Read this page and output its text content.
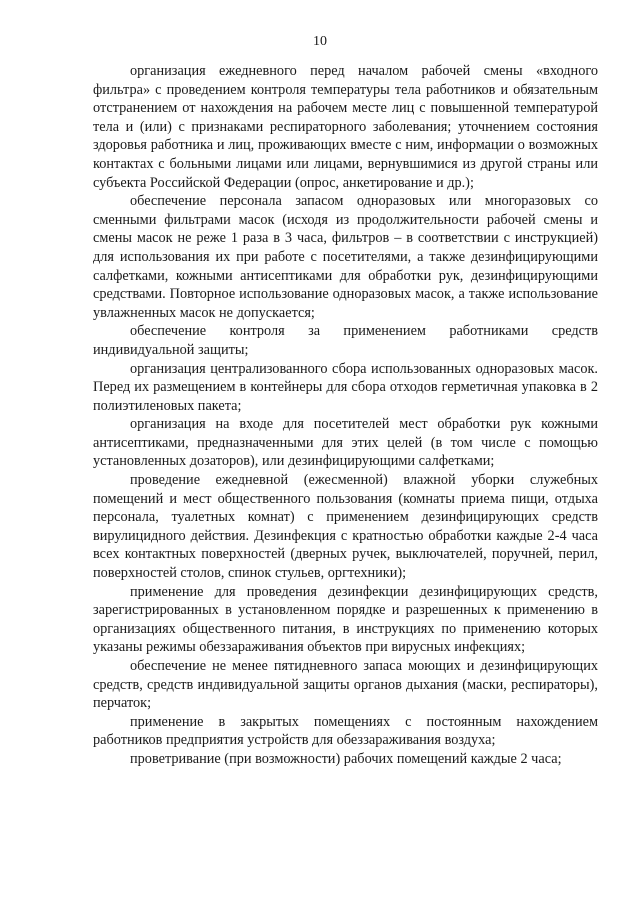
10

организация ежедневного перед началом рабочей смены «входного фильтра» с проведением контроля температуры тела работников и обязательным отстранением от нахождения на рабочем месте лиц с повышенной температурой тела и (или) с признаками респираторного заболевания; уточнением состояния здоровья работника и лиц, проживающих вместе с ним, информации о возможных контактах с больными лицами или лицами, вернувшимися из другой страны или субъекта Российской Федерации (опрос, анкетирование и др.);

обеспечение персонала запасом одноразовых или многоразовых со сменными фильтрами масок (исходя из продолжительности рабочей смены и смены масок не реже 1 раза в 3 часа, фильтров – в соответствии с инструкцией) для использования их при работе с посетителями, а также дезинфицирующими салфетками, кожными антисептиками для обработки рук, дезинфицирующими средствами. Повторное использование одноразовых масок, а также использование увлажненных масок не допускается;

обеспечение контроля за применением работниками средств индивидуальной защиты;

организация централизованного сбора использованных одноразовых масок. Перед их размещением в контейнеры для сбора отходов герметичная упаковка в 2 полиэтиленовых пакета;

организация на входе для посетителей мест обработки рук кожными антисептиками, предназначенными для этих целей (в том числе с помощью установленных дозаторов), или дезинфицирующими салфетками;

проведение ежедневной (ежесменной) влажной уборки служебных помещений и мест общественного пользования (комнаты приема пищи, отдыха персонала, туалетных комнат) с применением дезинфицирующих средств вирулицидного действия. Дезинфекция с кратностью обработки каждые 2-4 часа всех контактных поверхностей (дверных ручек, выключателей, поручней, перил, поверхностей столов, спинок стульев, оргтехники);

применение для проведения дезинфекции дезинфицирующих средств, зарегистрированных в установленном порядке и разрешенных к применению в организациях общественного питания, в инструкциях по применению которых указаны режимы обеззараживания объектов при вирусных инфекциях;

обеспечение не менее пятидневного запаса моющих и дезинфицирующих средств, средств индивидуальной защиты органов дыхания (маски, респираторы), перчаток;

применение в закрытых помещениях с постоянным нахождением работников предприятия устройств для обеззараживания воздуха;

проветривание (при возможности) рабочих помещений каждые 2 часа;
